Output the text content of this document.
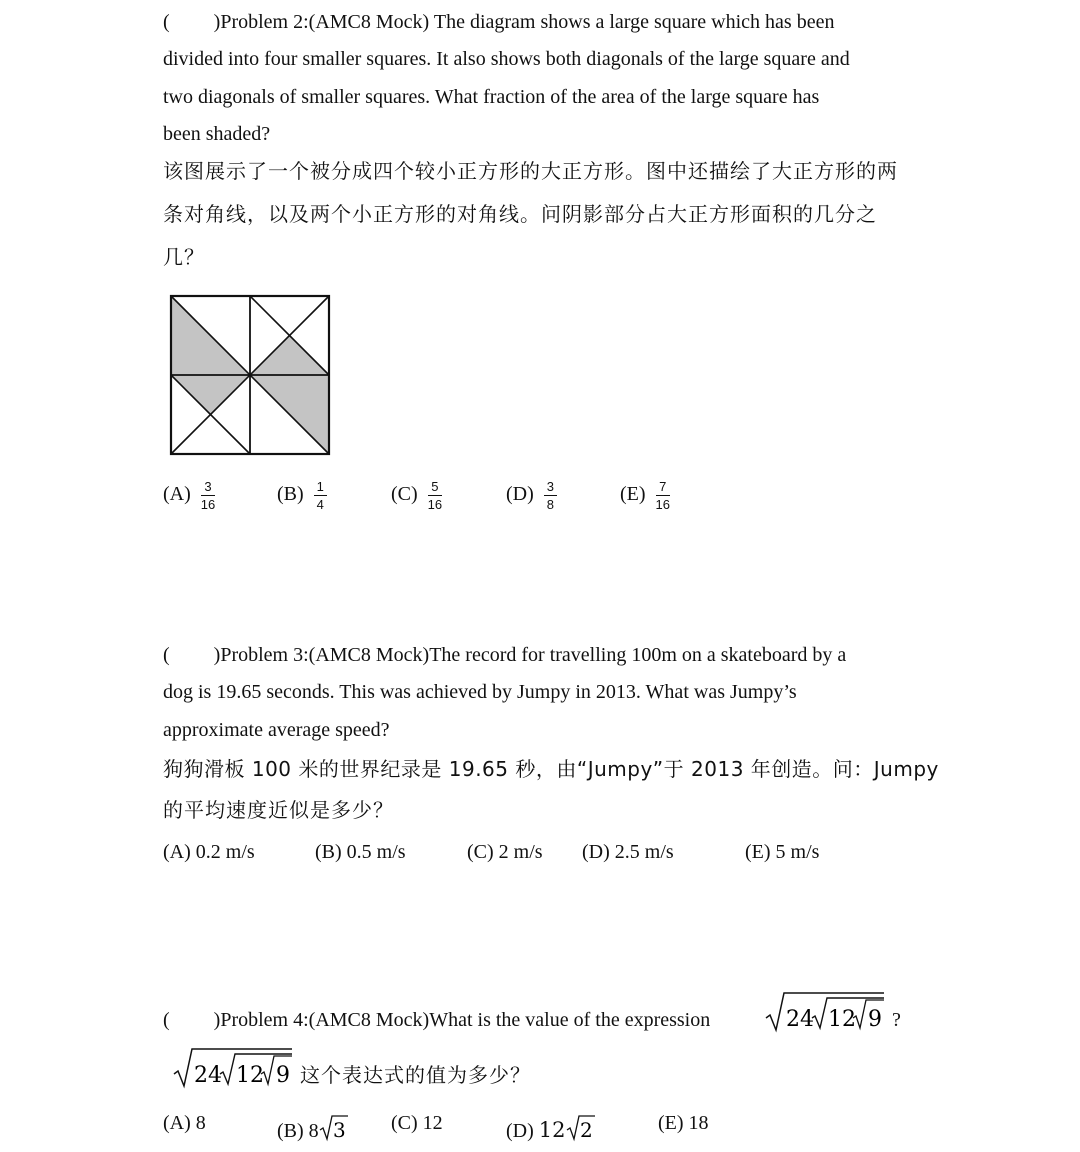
( )Problem 2:(AMC8 Mock) The diagram shows a large square which has been
divided into four smaller squares. It also shows both diagonals of the large square and
two diagonals of smaller squares. What fraction of the area of the large square has
been shaded?
该图展示了一个被分成四个较小正方形的大正方形。图中还描绘了大正方形的两
条对角线，以及两个小正方形的对角线。问阴影部分占大正方形面积的几分之
几？
$(A) \frac{3}{16}$	$(B) \frac{1}{4}$	$(C) \frac{5}{16}$	$(D) \frac{3}{8}$	$(E) \frac{7}{16}$
( )Problem 3:(AMC8 Mock)The record for travelling 100m on a skateboard by a
dog is 19.65 seconds. This was achieved by Jumpy in 2013. What was Jumpy’s
approximate average speed?
狗狗滑板 100 米的世界纪录是 19.65 秒，由“Jumpy”于 2013 年创造。问：Jumpy
的平均速度近似是多少？
(A) 0.2 m/s	(B) 0.5 m/s	(C) 2 m/s (D) 2.5 m/s	(E) 5 m/s
( )Problem 4:(AMC8 Mock)What is the value of the expression	24 12 9 ?
24 12 9 这个表达式的值为多少？
(A) 8	(B) 8 3 (C) 12	(D) 12 2	(E) 18
